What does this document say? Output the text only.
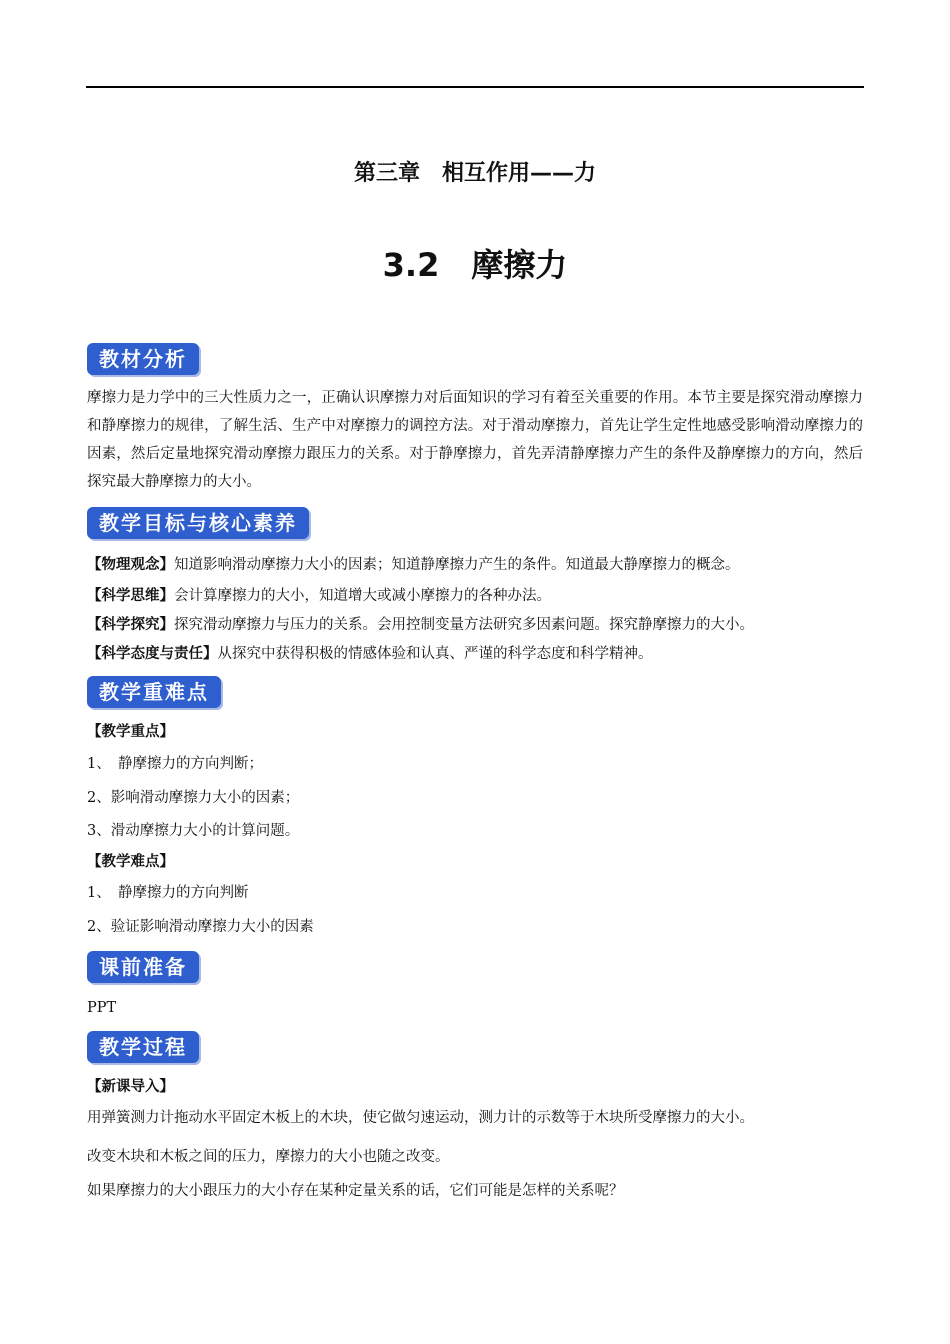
第三章　相互作用——力
3.2　摩擦力
教材分析
摩擦力是力学中的三大性质力之一，正确认识摩擦力对后面知识的学习有着至关重要的作用。本节主要是探究滑动摩擦力和静摩擦力的规律，了解生活、生产中对摩擦力的调控方法。对于滑动摩擦力，首先让学生定性地感受影响滑动摩擦力的因素，然后定量地探究滑动摩擦力跟压力的关系。对于静摩擦力，首先弄清静摩擦力产生的条件及静摩擦力的方向，然后探究最大静摩擦力的大小。
教学目标与核心素养
【物理观念】知道影响滑动摩擦力大小的因素；知道静摩擦力产生的条件。知道最大静摩擦力的概念。
【科学思维】会计算摩擦力的大小，知道增大或减小摩擦力的各种办法。
【科学探究】探究滑动摩擦力与压力的关系。会用控制变量方法研究多因素问题。探究静摩擦力的大小。
【科学态度与责任】从探究中获得积极的情感体验和认真、严谨的科学态度和科学精神。
教学重难点
【教学重点】
1、　静摩擦力的方向判断；
2、影响滑动摩擦力大小的因素；
3、滑动摩擦力大小的计算问题。
【教学难点】
1、　静摩擦力的方向判断
2、验证影响滑动摩擦力大小的因素
课前准备
PPT
教学过程
【新课导入】
用弹簧测力计拖动水平固定木板上的木块，使它做匀速运动，测力计的示数等于木块所受摩擦力的大小。
改变木块和木板之间的压力，摩擦力的大小也随之改变。
如果摩擦力的大小跟压力的大小存在某种定量关系的话，它们可能是怎样的关系呢？
